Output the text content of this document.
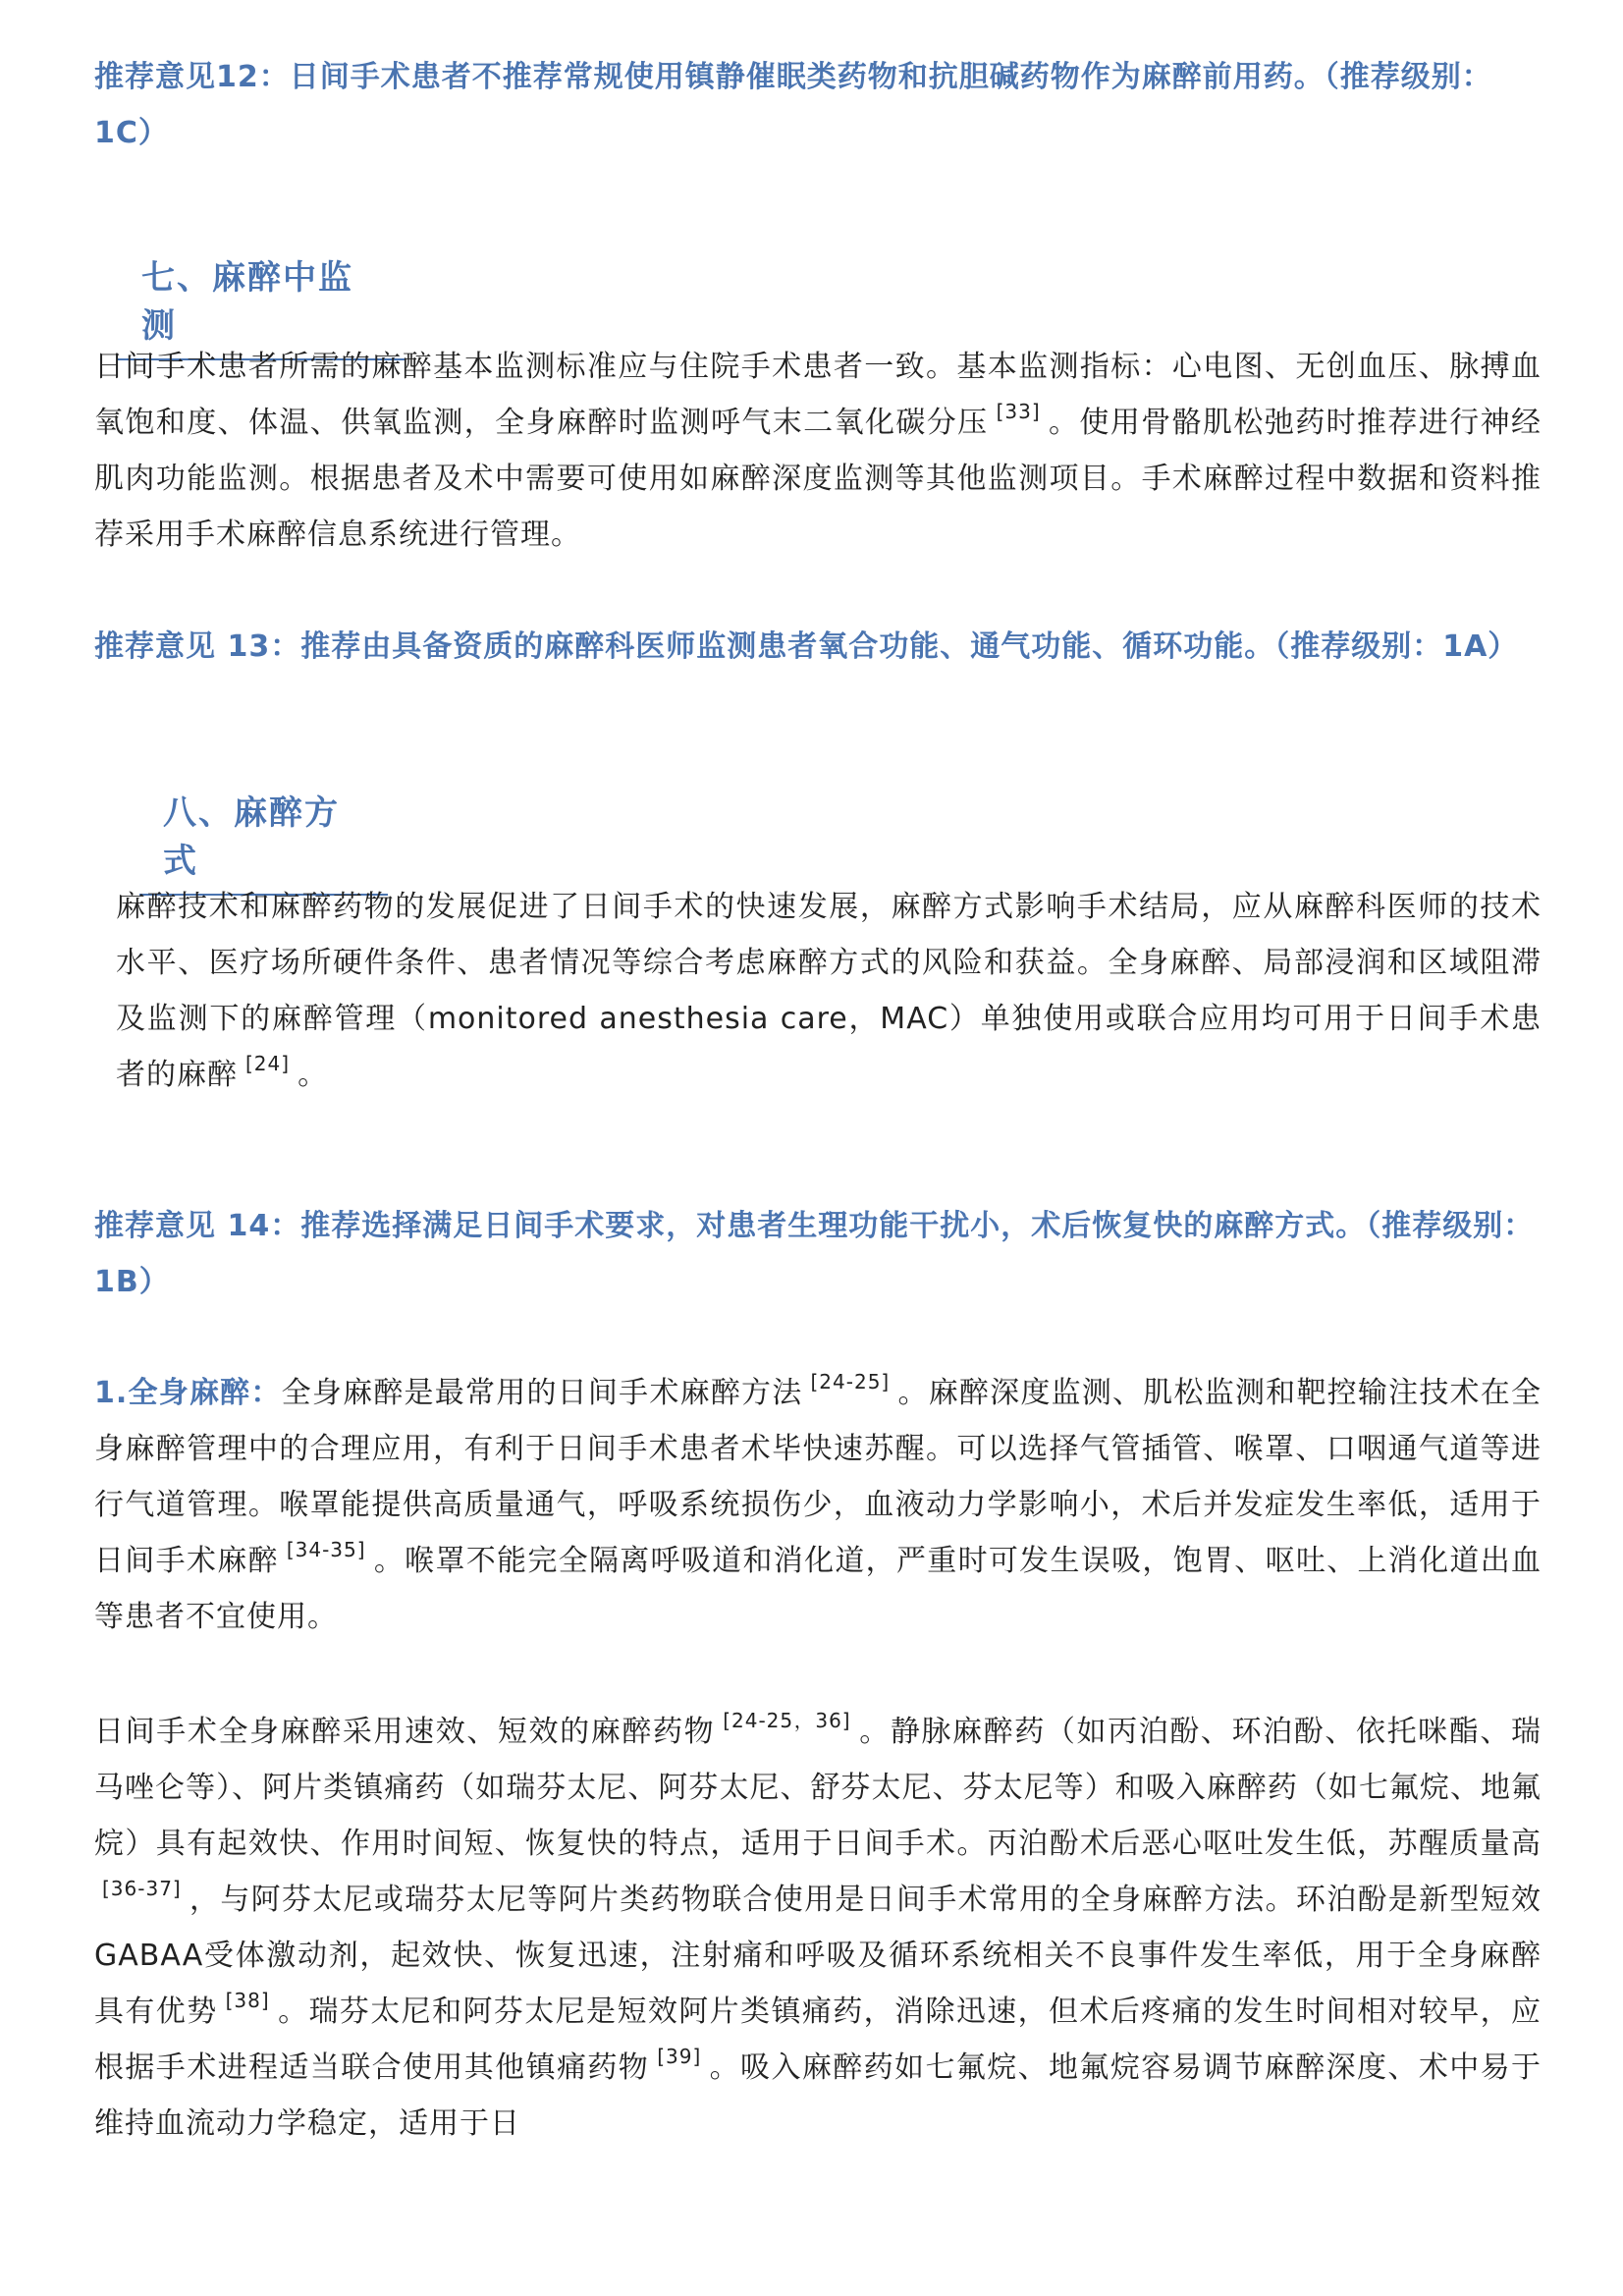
推荐意见12：日间手术患者不推荐常规使用镇静催眠类药物和抗胆碱药物作为麻醉前用药。（推荐级别：1C）

七、麻醉中监测

日间手术患者所需的麻醉基本监测标准应与住院手术患者一致。基本监测指标：心电图、无创血压、脉搏血氧饱和度、体温、供氧监测，全身麻醉时监测呼气末二氧化碳分压 [33] 。使用骨骼肌松弛药时推荐进行神经肌肉功能监测。根据患者及术中需要可使用如麻醉深度监测等其他监测项目。手术麻醉过程中数据和资料推荐采用手术麻醉信息系统进行管理。

推荐意见 13：推荐由具备资质的麻醉科医师监测患者氧合功能、通气功能、循环功能。（推荐级别：1A）

八、麻醉方式

麻醉技术和麻醉药物的发展促进了日间手术的快速发展，麻醉方式影响手术结局，应从麻醉科医师的技术水平、医疗场所硬件条件、患者情况等综合考虑麻醉方式的风险和获益。全身麻醉、局部浸润和区域阻滞及监测下的麻醉管理（monitored anesthesia care，MAC）单独使用或联合应用均可用于日间手术患者的麻醉 [24] 。

推荐意见 14：推荐选择满足日间手术要求，对患者生理功能干扰小，术后恢复快的麻醉方式。（推荐级别：1B）

1.全身麻醉：全身麻醉是最常用的日间手术麻醉方法 [24-25] 。麻醉深度监测、肌松监测和靶控输注技术在全身麻醉管理中的合理应用，有利于日间手术患者术毕快速苏醒。可以选择气管插管、喉罩、口咽通气道等进行气道管理。喉罩能提供高质量通气，呼吸系统损伤少，血液动力学影响小，术后并发症发生率低，适用于日间手术麻醉 [34-35] 。喉罩不能完全隔离呼吸道和消化道，严重时可发生误吸，饱胃、呕吐、上消化道出血等患者不宜使用。

日间手术全身麻醉采用速效、短效的麻醉药物 [24-25，36] 。静脉麻醉药（如丙泊酚、环泊酚、依托咪酯、瑞马唑仑等）、阿片类镇痛药（如瑞芬太尼、阿芬太尼、舒芬太尼、芬太尼等）和吸入麻醉药（如七氟烷、地氟烷）具有起效快、作用时间短、恢复快的特点，适用于日间手术。丙泊酚术后恶心呕吐发生低，苏醒质量高[36-37] ，与阿芬太尼或瑞芬太尼等阿片类药物联合使用是日间手术常用的全身麻醉方法。环泊酚是新型短效 GABAA受体激动剂，起效快、恢复迅速，注射痛和呼吸及循环系统相关不良事件发生率低，用于全身麻醉具有优势 [38] 。瑞芬太尼和阿芬太尼是短效阿片类镇痛药，消除迅速，但术后疼痛的发生时间相对较早，应根据手术进程适当联合使用其他镇痛药物 [39] 。吸入麻醉药如七氟烷、地氟烷容易调节麻醉深度、术中易于维持血流动力学稳定，适用于日
